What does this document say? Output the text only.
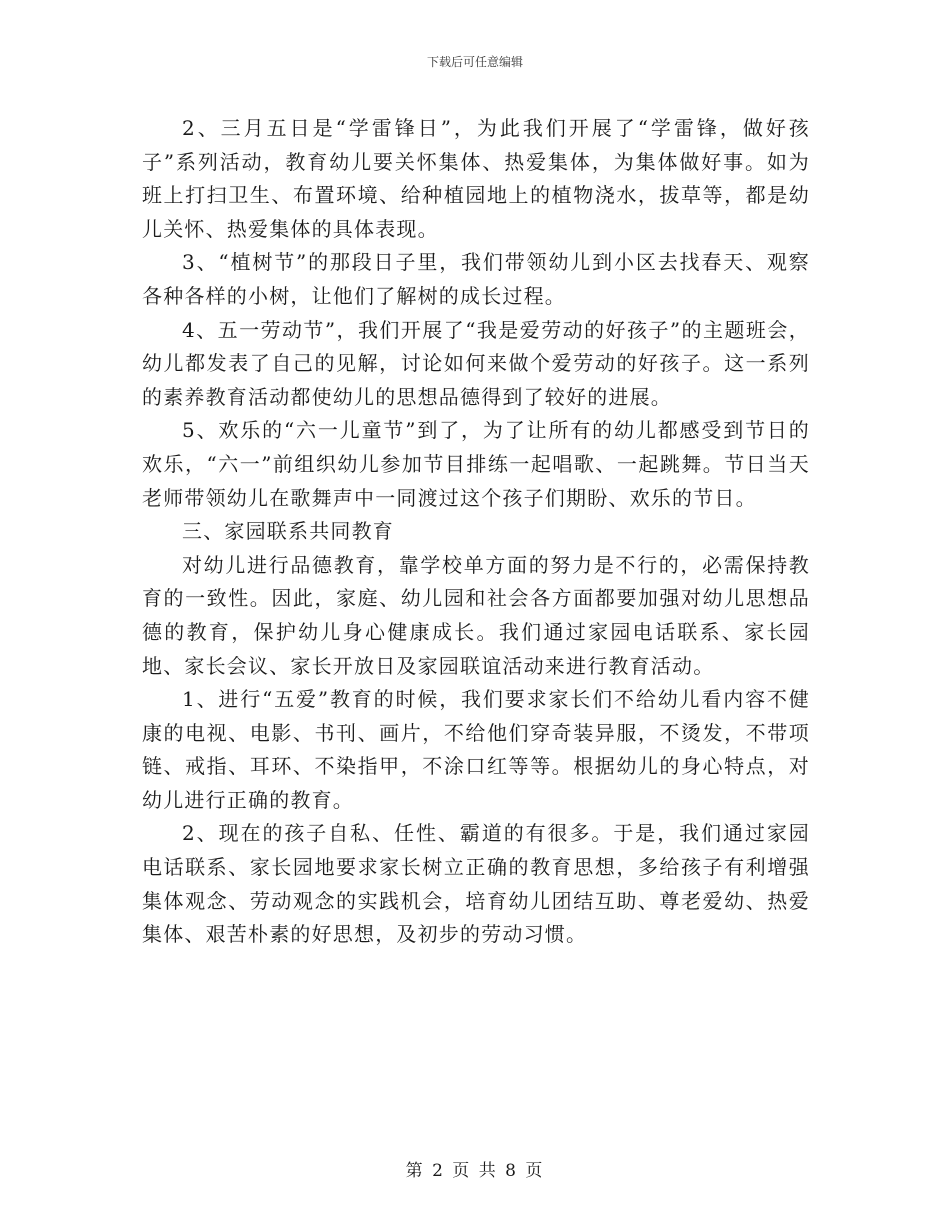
下载后可任意编辑

2、三月五日是“学雷锋日”，为此我们开展了“学雷锋，做好孩子”系列活动，教育幼儿要关怀集体、热爱集体，为集体做好事。如为班上打扫卫生、布置环境、给种植园地上的植物浇水，拔草等，都是幼儿关怀、热爱集体的具体表现。

3、“植树节”的那段日子里，我们带领幼儿到小区去找春天、观察各种各样的小树，让他们了解树的成长过程。

4、五一劳动节”，我们开展了“我是爱劳动的好孩子”的主题班会，幼儿都发表了自己的见解，讨论如何来做个爱劳动的好孩子。这一系列的素养教育活动都使幼儿的思想品德得到了较好的进展。

5、欢乐的“六一儿童节”到了，为了让所有的幼儿都感受到节日的欢乐，“六一”前组织幼儿参加节目排练一起唱歌、一起跳舞。节日当天老师带领幼儿在歌舞声中一同渡过这个孩子们期盼、欢乐的节日。

三、家园联系共同教育

对幼儿进行品德教育，靠学校单方面的努力是不行的，必需保持教育的一致性。因此，家庭、幼儿园和社会各方面都要加强对幼儿思想品德的教育，保护幼儿身心健康成长。我们通过家园电话联系、家长园地、家长会议、家长开放日及家园联谊活动来进行教育活动。

1、进行“五爱”教育的时候，我们要求家长们不给幼儿看内容不健康的电视、电影、书刊、画片，不给他们穿奇装异服，不烫发，不带项链、戒指、耳环、不染指甲，不涂口红等等。根据幼儿的身心特点，对幼儿进行正确的教育。

2、现在的孩子自私、任性、霸道的有很多。于是，我们通过家园电话联系、家长园地要求家长树立正确的教育思想，多给孩子有利增强集体观念、劳动观念的实践机会，培育幼儿团结互助、尊老爱幼、热爱集体、艰苦朴素的好思想，及初步的劳动习惯。

第 2 页 共 8 页
